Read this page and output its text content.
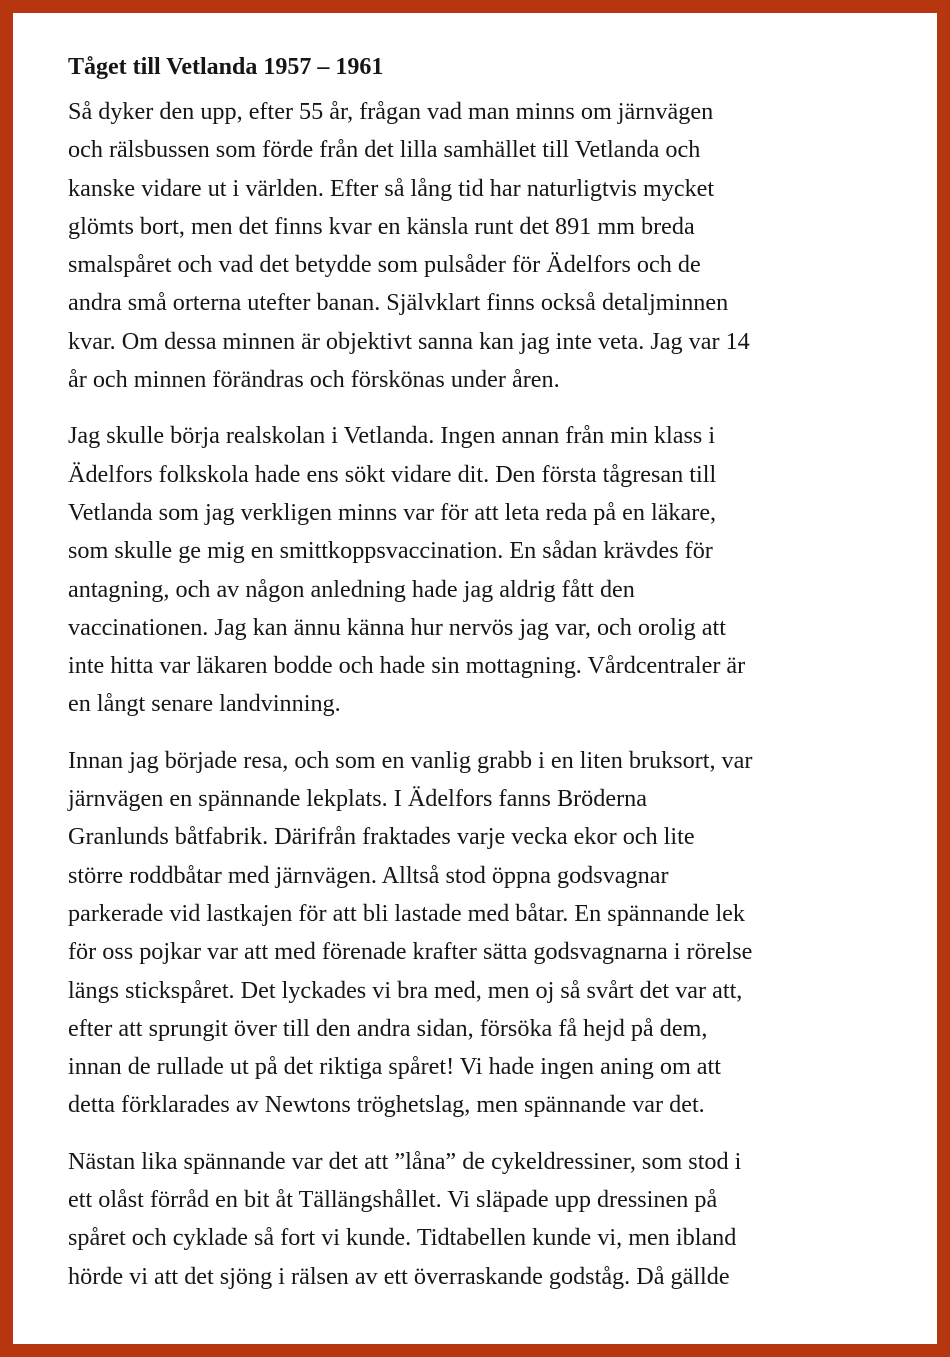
Tåget till Vetlanda 1957 – 1961
Så dyker den upp, efter 55 år, frågan vad man minns om järnvägen
och rälsbussen som förde från det lilla samhället till Vetlanda och
kanske vidare ut i världen. Efter så lång tid har naturligtvis mycket
glömts bort, men det finns kvar en känsla runt det 891 mm breda
smalspåret och vad det betydde som pulsåder för Ädelfors och de
andra små orterna utefter banan. Självklart finns också detaljminnen
kvar. Om dessa minnen är objektivt sanna kan jag inte veta. Jag var 14
år och minnen förändras och förskönas under åren.
Jag skulle börja realskolan i Vetlanda. Ingen annan från min klass i
Ädelfors folkskola hade ens sökt vidare dit. Den första tågresan till
Vetlanda som jag verkligen minns var för att leta reda på en läkare,
som skulle ge mig en smittkoppsvaccination. En sådan krävdes för
antagning, och av någon anledning hade jag aldrig fått den
vaccinationen. Jag kan ännu känna hur nervös jag var, och orolig att
inte hitta var läkaren bodde och hade sin mottagning. Vårdcentraler är
en långt senare landvinning.
Innan jag började resa, och som en vanlig grabb i en liten bruksort, var
järnvägen en spännande lekplats. I Ädelfors fanns Bröderna
Granlunds båtfabrik. Därifrån fraktades varje vecka ekor och lite
större roddbåtar med järnvägen. Alltså stod öppna godsvagnar
parkerade vid lastkajen för att bli lastade med båtar. En spännande lek
för oss pojkar var att med förenade krafter sätta godsvagnarna i rörelse
längs stickspåret. Det lyckades vi bra med, men oj så svårt det var att,
efter att sprungit över till den andra sidan, försöka få hejd på dem,
innan de rullade ut på det riktiga spåret! Vi hade ingen aning om att
detta förklarades av Newtons tröghetslag, men spännande var det.
Nästan lika spännande var det att ”låna” de cykeldressiner, som stod i
ett olåst förråd en bit åt Tällängshållet. Vi släpade upp dressinen på
spåret och cyklade så fort vi kunde. Tidtabellen kunde vi, men ibland
hörde vi att det sjöng i rälsen av ett överraskande godståg. Då gällde
